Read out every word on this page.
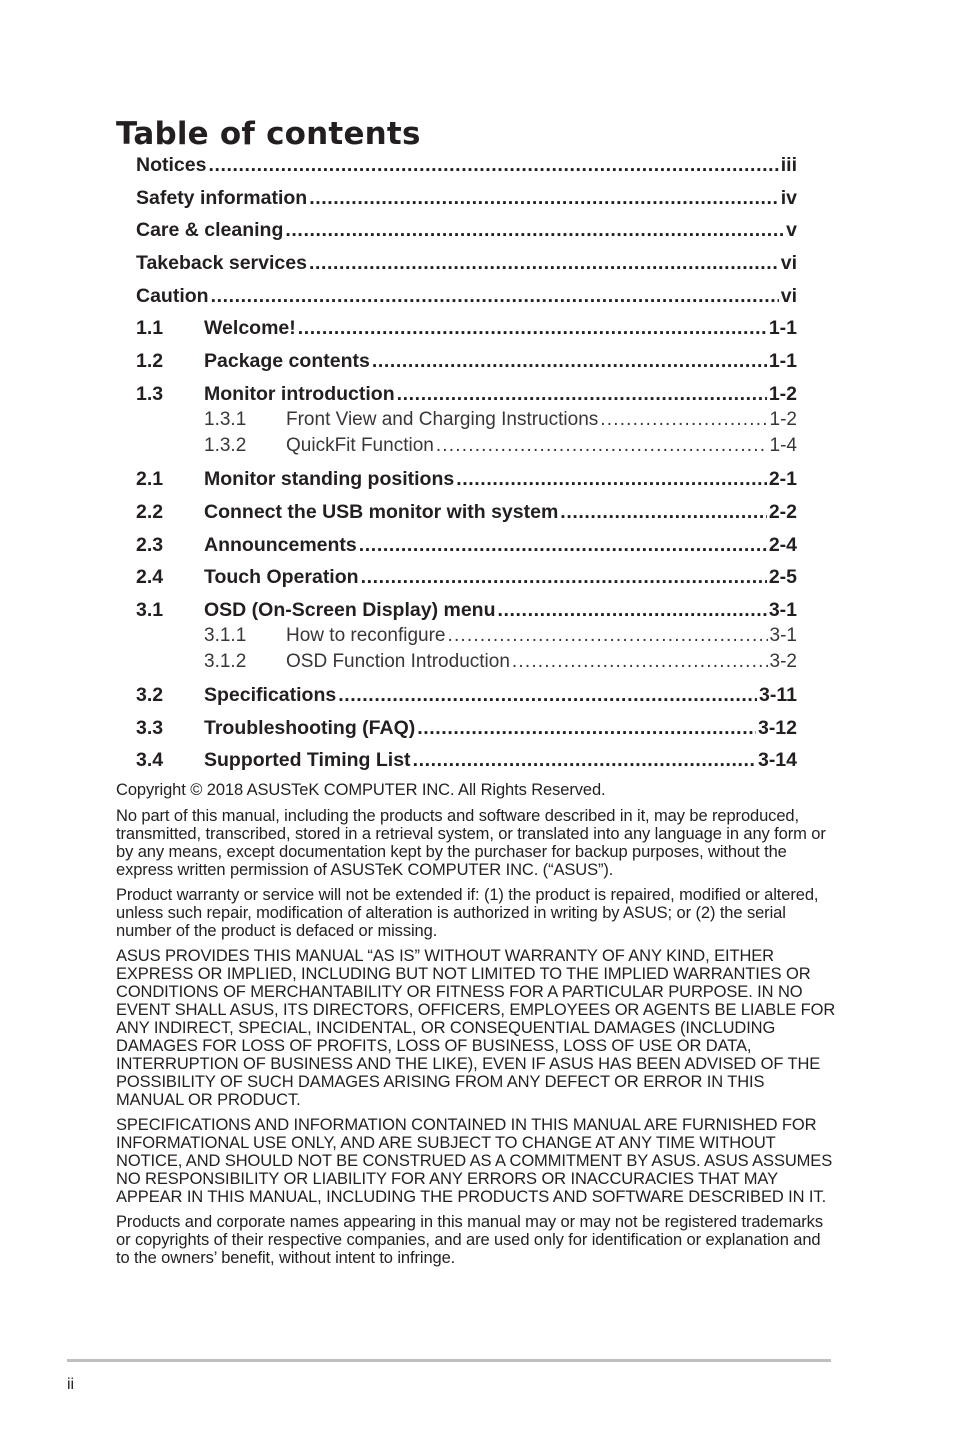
Table of contents
Notices .....	iii
Safety information .....	iv
Care & cleaning .....	v
Takeback services .....	vi
Caution .....	vi
1.1	Welcome! .....	1-1
1.2	Package contents .....	1-1
1.3	Monitor introduction .....	1-2
1.3.1	Front View and Charging Instructions .....	1-2
1.3.2	QuickFit Function .....	1-4
2.1	Monitor standing positions .....	2-1
2.2	Connect the USB monitor with system .....	2-2
2.3	Announcements .....	2-4
2.4	Touch Operation .....	2-5
3.1	OSD (On-Screen Display) menu .....	3-1
3.1.1	How to reconfigure .....	3-1
3.1.2	OSD Function Introduction .....	3-2
3.2	Specifications .....	3-11
3.3	Troubleshooting (FAQ) .....	3-12
3.4	Supported Timing List .....	3-14

Copyright © 2018 ASUSTeK COMPUTER INC. All Rights Reserved.

No part of this manual, including the products and software described in it, may be reproduced, transmitted, transcribed, stored in a retrieval system, or translated into any language in any form or by any means, except documentation kept by the purchaser for backup purposes, without the express written permission of ASUSTeK COMPUTER INC. (“ASUS”).

Product warranty or service will not be extended if: (1) the product is repaired, modified or altered, unless such repair, modification of alteration is authorized in writing by ASUS; or (2) the serial number of the product is defaced or missing.

ASUS PROVIDES THIS MANUAL “AS IS” WITHOUT WARRANTY OF ANY KIND, EITHER EXPRESS OR IMPLIED, INCLUDING BUT NOT LIMITED TO THE IMPLIED WARRANTIES OR CONDITIONS OF MERCHANTABILITY OR FITNESS FOR A PARTICULAR PURPOSE. IN NO EVENT SHALL ASUS, ITS DIRECTORS, OFFICERS, EMPLOYEES OR AGENTS BE LIABLE FOR ANY INDIRECT, SPECIAL, INCIDENTAL, OR CONSEQUENTIAL DAMAGES (INCLUDING DAMAGES FOR LOSS OF PROFITS, LOSS OF BUSINESS, LOSS OF USE OR DATA, INTERRUPTION OF BUSINESS AND THE LIKE), EVEN IF ASUS HAS BEEN ADVISED OF THE POSSIBILITY OF SUCH DAMAGES ARISING FROM ANY DEFECT OR ERROR IN THIS MANUAL OR PRODUCT.

SPECIFICATIONS AND INFORMATION CONTAINED IN THIS MANUAL ARE FURNISHED FOR INFORMATIONAL USE ONLY, AND ARE SUBJECT TO CHANGE AT ANY TIME WITHOUT NOTICE, AND SHOULD NOT BE CONSTRUED AS A COMMITMENT BY ASUS. ASUS ASSUMES NO RESPONSIBILITY OR LIABILITY FOR ANY ERRORS OR INACCURACIES THAT MAY APPEAR IN THIS MANUAL, INCLUDING THE PRODUCTS AND SOFTWARE DESCRIBED IN IT.

Products and corporate names appearing in this manual may or may not be registered trademarks or copyrights of their respective companies, and are used only for identification or explanation and to the owners’ benefit, without intent to infringe.

ii
